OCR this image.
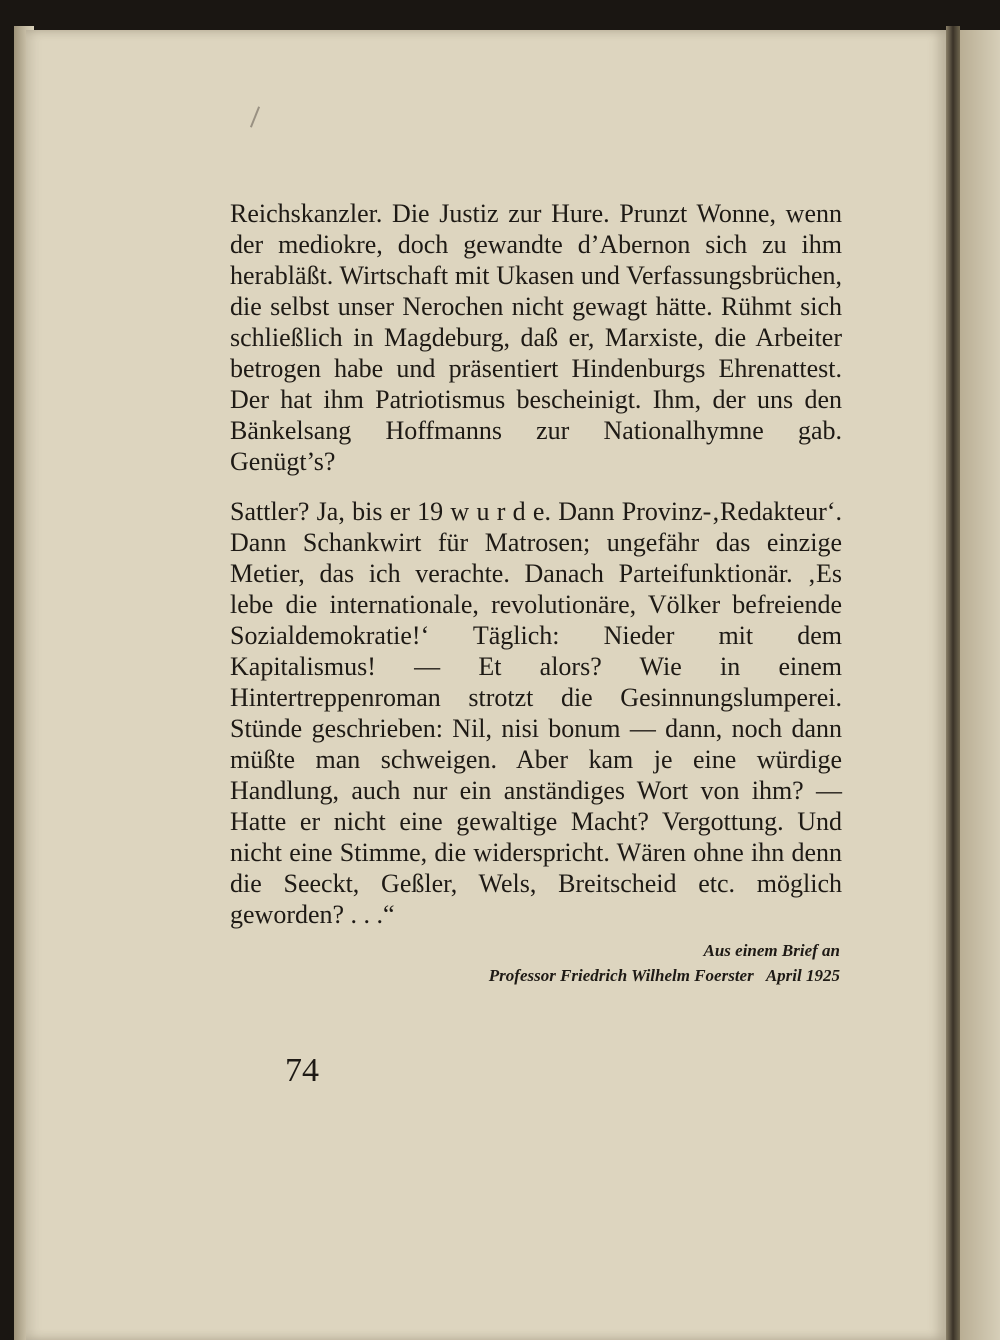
Reichskanzler. Die Justiz zur Hure. Prunzt Wonne, wenn der mediokre, doch gewandte d’Abernon sich zu ihm herabläßt. Wirtschaft mit Ukasen und Verfassungsbrüchen, die selbst unser Nerochen nicht gewagt hätte. Rühmt sich schließlich in Magdeburg, daß er, Marxiste, die Arbeiter betrogen habe und präsentiert Hindenburgs Ehrenattest. Der hat ihm Patriotismus bescheinigt. Ihm, der uns den Bänkelsang Hoffmanns zur Nationalhymne gab. Genügt’s?

Sattler? Ja, bis er 19 w u r d e. Dann Provinz-‚Redakteur‘. Dann Schankwirt für Matrosen; ungefähr das einzige Metier, das ich verachte. Danach Parteifunktionär. ‚Es lebe die internationale, revolutionäre, Völker befreiende Sozialdemokratie!‘ Täglich: Nieder mit dem Kapitalismus! — Et alors? Wie in einem Hintertreppenroman strotzt die Gesinnungslumperei. Stünde geschrieben: Nil, nisi bonum — dann, noch dann müßte man schweigen. Aber kam je eine würdige Handlung, auch nur ein anständiges Wort von ihm? — Hatte er nicht eine gewaltige Macht? Vergottung. Und nicht eine Stimme, die widerspricht. Wären ohne ihn denn die Seeckt, Geßler, Wels, Breitscheid etc. möglich geworden? . . .“

Aus einem Brief an
Professor Friedrich Wilhelm Foerster   April 1925
74
